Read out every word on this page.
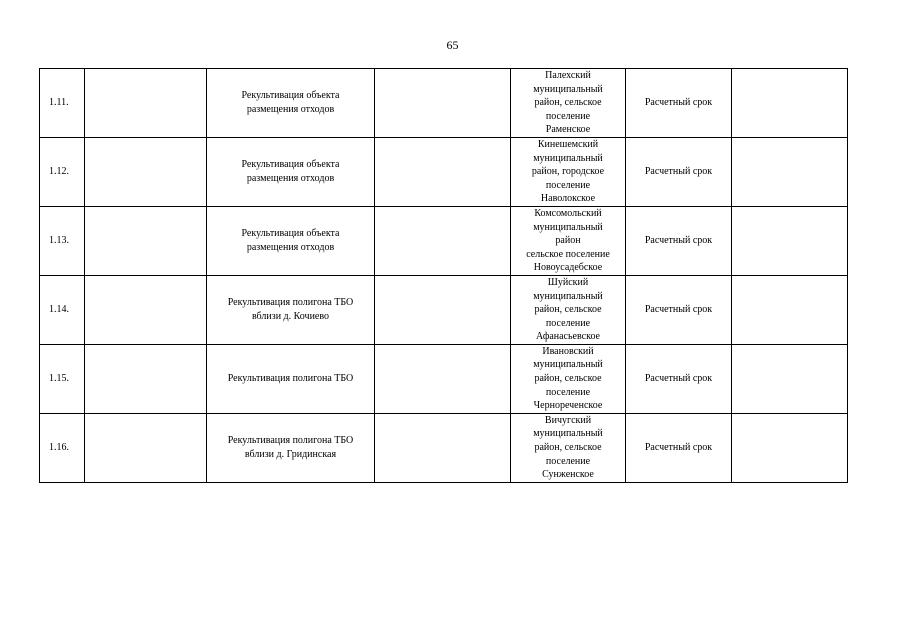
65
1.11.		Рекультивация объекта
размещения отходов		Палехский
муниципальный
район, сельское
поселение
Раменское	Расчетный срок	
1.12.		Рекультивация объекта
размещения отходов		Кинешемский
муниципальный
район, городское
поселение
Наволокское	Расчетный срок	
1.13.		Рекультивация объекта
размещения отходов		Комсомольский
муниципальный
район
сельское поселение
Новоусадебское	Расчетный срок	
1.14.		Рекультивация полигона ТБО
вблизи д. Кочиево		Шуйский
муниципальный
район, сельское
поселение
Афанасьевское	Расчетный срок	
1.15.		Рекультивация полигона ТБО		Ивановский
муниципальный
район, сельское
поселение
Чернореченское	Расчетный срок	
1.16.		Рекультивация полигона ТБО
вблизи д. Гридинская		Вичугский
муниципальный
район, сельское
поселение
Сунженское	Расчетный срок	
